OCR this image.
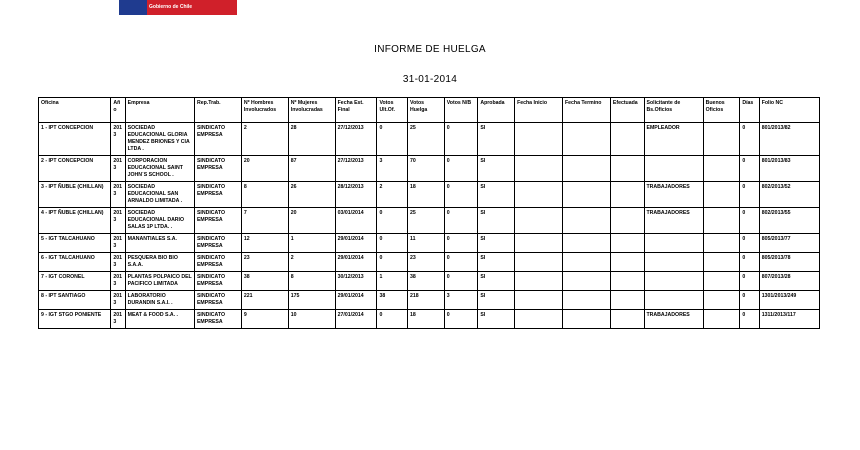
Gobierno de Chile
INFORME DE HUELGA
31-01-2014
Oficina	Año	Empresa	Rep.Trab.	Nº Hombres Involucrados	Nº Mujeres Involucradas	Fecha Est. Final	Votos Ult.Of.	Votos Huelga	Votos N/B	Aprobada	Fecha Inicio	Fecha Termino	Efectuada	Solicitante de Bs.Oficios	Buenos Oficios	Días	Folio NC
1 - IPT CONCEPCION	2013	SOCIEDAD EDUCACIONAL GLORIA MENDEZ BRIONES Y CIA LTDA .	SINDICATO EMPRESA	2	28	27/12/2013	0	25	0	SI				EMPLEADOR		0	801/2013/82
2 - IPT CONCEPCION	2013	CORPORACION EDUCACIONAL SAINT JOHN´S SCHOOL .	SINDICATO EMPRESA	20	87	27/12/2013	3	70	0	SI						0	801/2013/83
3 - IPT ÑUBLE (CHILLAN)	2013	SOCIEDAD EDUCACIONAL SAN ARNALDO LIMITADA .	SINDICATO EMPRESA	8	26	28/12/2013	2	18	0	SI				TRABAJADORES		0	802/2013/52
4 - IPT ÑUBLE (CHILLAN)	2013	SOCIEDAD EDUCACIONAL DARIO SALAS 1P LTDA. .	SINDICATO EMPRESA	7	20	03/01/2014	0	25	0	SI				TRABAJADORES		0	802/2013/55
5 - IGT TALCAHUANO	2013	MANANTIALES S.A.	SINDICATO EMPRESA	12	1	29/01/2014	0	11	0	SI						0	805/2013/77
6 - IGT TALCAHUANO	2013	PESQUERA BIO BIO S.A.A.	SINDICATO EMPRESA	23	2	29/01/2014	0	23	0	SI						0	805/2013/78
7 - IGT CORONEL	2013	PLANTAS POLPAICO DEL PACIFICO LIMITADA	SINDICATO EMPRESA	38	8	30/12/2013	1	38	0	SI						0	807/2013/28
8 - IPT SANTIAGO	2013	LABORATORIO DURANDIN S.A.I. .	SINDICATO EMPRESA	221	175	29/01/2014	38	218	3	SI						0	1301/2013/249
9 - IGT STGO PONIENTE	2013	MEAT & FOOD S.A. .	SINDICATO EMPRESA	9	10	27/01/2014	0	18	0	SI				TRABAJADORES		0	1311/2013/117
